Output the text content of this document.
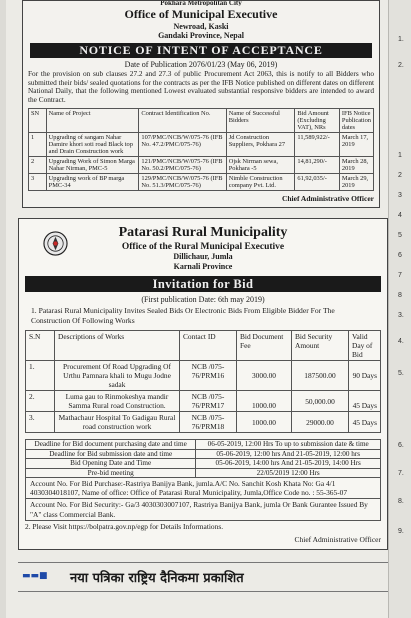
1.
2.
1
2
3
4
5
6
7
8
3.
4.
5.
6.
7.
8.
9.
Pokhara Metropolitan City
Office of Municipal Executive
Newroad, Kaski
Gandaki Province, Nepal
NOTICE OF INTENT OF ACCEPTANCE
Date of Publication 2076/01/23 (May 06, 2019)
For the provision on sub clauses 27.2 and 27.3 of public Procurement Act 2063, this is notify to all Bidders who submitted their bids/ sealed quotations for the contracts as per the IFB Notice published on different dates on different National Daily, that the following mentioned Lowest evaluated substantial responsive bidders are intended to award the Contract.
SN	Name of Project	Contract Identification No.	Name of Successful Bidders	Bid Amount (Excluding VAT), NRs	IFB Notice Publication dates
1	Upgrading of sangam Nahar Damire khori soti road Black top and Drain Construction work	107/PMC/NCB/W/075-76 (IFB No. 47.2/PMC/075-76)	Jd Construction Suppliers, Pokhara 27	11,589,922/-	March 17, 2019
2	Upgrading Work of Simon Marga Nahar Nirman, PMC-5	121/PMC/NCB/W/075-76 (IFB No. 50.2/PMC/075-76)	Ojsk Nirman sewa, Pokhara -5	14,81,290/-	March 28, 2019
3	Upgrading work of BP marga PMC-34	129/PMC/NCB/W/075-76 (IFB No. 51.3/PMC/075-76)	Nimble Construction company Pvt. Ltd.	61,92,035/-	March 29, 2019
Chief Administrative Officer
Patarasi Rural Municipality
Office of the Rural Municipal Executive
Dillichaur, Jumla
Karnali Province
Invitation for Bid
(First publication Date: 6th may 2019)
1. Patarasi Rural Municipality Invites Sealed Bids Or Electronic Bids From Eligible Bidder For The Construction Of Following Works
S.N	Descriptions of Works	Contact ID	Bid Document Fee	Bid Security Amount	Valid Day of Bid
1.	Procurement Of Road Upgrading Of Urthu Pamnara khali to Mugu Jodne sadak	NCB /075-76/PRM16	3000.00	187500.00	90 Days
2.	Luma gau to Rinmokeshya mandir Samma Rural road Construction.	NCB /075-76/PRM17	1000.00	50,000.00	45 Days
3.	Mathachaur Hospital To Gadigau Rural road construction work	NCB /075-76/PRM18	1000.00	29000.00	45 Days
Deadline for Bid document purchasing date and time	06-05-2019, 12:00 Hrs To up to submission date & time
Deadline for Bid submission date and time	05-06-2019, 12:00 hrs And 21-05-2019, 12:00 hrs
Bid Opening Date and Time	05-06-2019, 14:00 hrs And 21-05-2019, 14:00 Hrs
Pre-bid meeting	22/05/2019 12:00 Hrs
Account No. For Bid Purchase:-Rastriya Banijya Bank, jumla.A/C No. Sanchit Kosh Khata No: Ga 4/1 4030304018107, Name of office: Office of Patarasi Rural Municipality, Jumla,Office Code no. : 55-365-07
Account No. For Bid Security:- Ga/3 4030303007107, Rastriya Banijya Bank, jumla Or Bank Gurantee Issued By "A" class Commercial Bank.
2. Please Visit https://bolpatra.gov.np/egp for Details Informations.
Chief Administrative Officer
▬▬■ नया पत्रिका राष्ट्रिय दैनिकमा प्रकाशित
